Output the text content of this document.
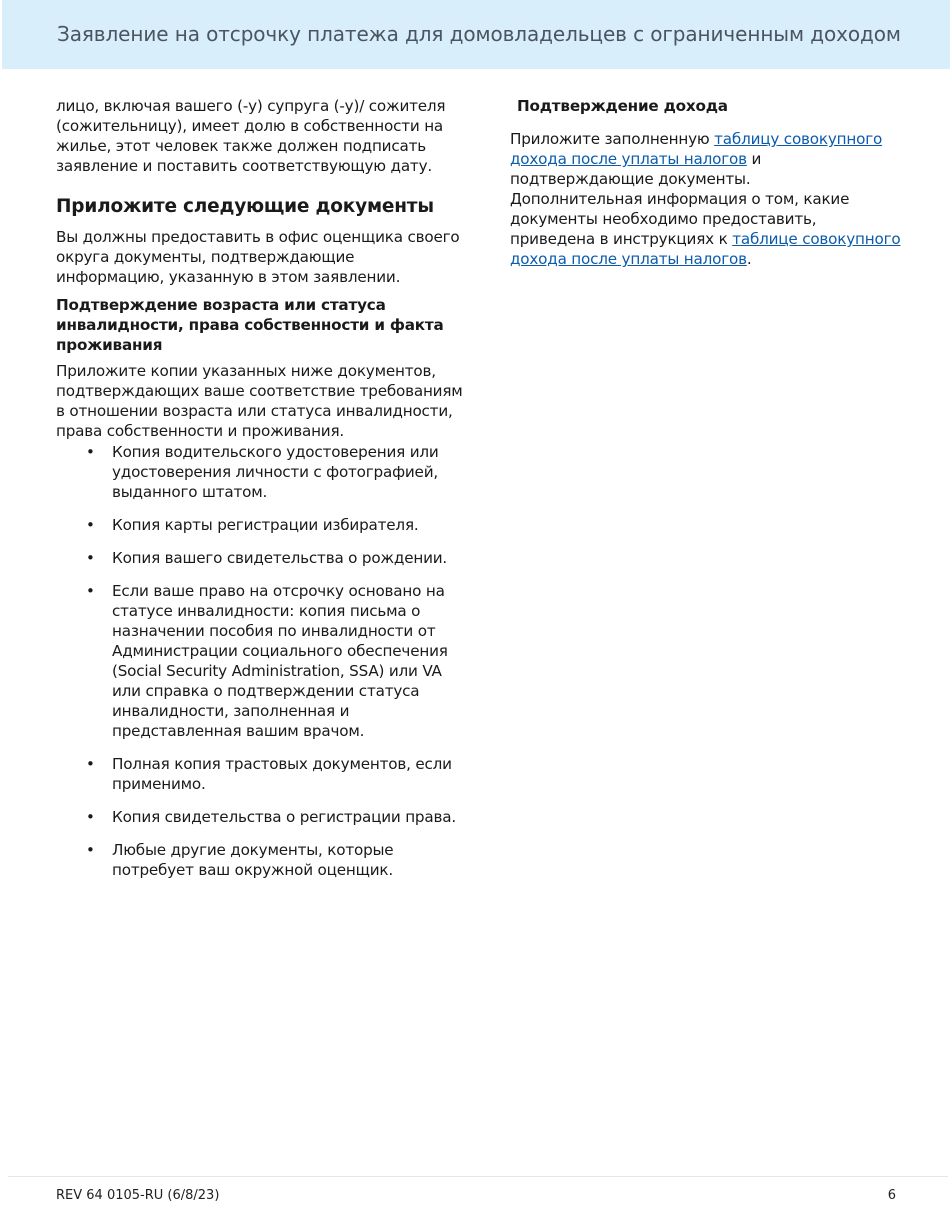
Заявление на отсрочку платежа для домовладельцев с ограниченным доходом

лицо, включая вашего (-у) супруга (-у)/ сожителя (сожительницу), имеет долю в собственности на жилье, этот человек также должен подписать заявление и поставить соответствующую дату.

Приложите следующие документы

Вы должны предоставить в офис оценщика своего округа документы, подтверждающие информацию, указанную в этом заявлении.

Подтверждение возраста или статуса инвалидности, права собственности и факта проживания

Приложите копии указанных ниже документов, подтверждающих ваше соответствие требованиям в отношении возраста или статуса инвалидности, права собственности и проживания.

• Копия водительского удостоверения или удостоверения личности с фотографией, выданного штатом.
• Копия карты регистрации избирателя.
• Копия вашего свидетельства о рождении.
• Если ваше право на отсрочку основано на статусе инвалидности: копия письма о назначении пособия по инвалидности от Администрации социального обеспечения (Social Security Administration, SSA) или VA или справка о подтверждении статуса инвалидности, заполненная и представленная вашим врачом.
• Полная копия трастовых документов, если применимо.
• Копия свидетельства о регистрации права.
• Любые другие документы, которые потребует ваш окружной оценщик.
Подтверждение дохода

Приложите заполненную таблицу совокупного дохода после уплаты налогов и подтверждающие документы.

Дополнительная информация о том, какие документы необходимо предоставить, приведена в инструкциях к таблице совокупного дохода после уплаты налогов.

REV 64 0105-RU (6/8/23)	6
